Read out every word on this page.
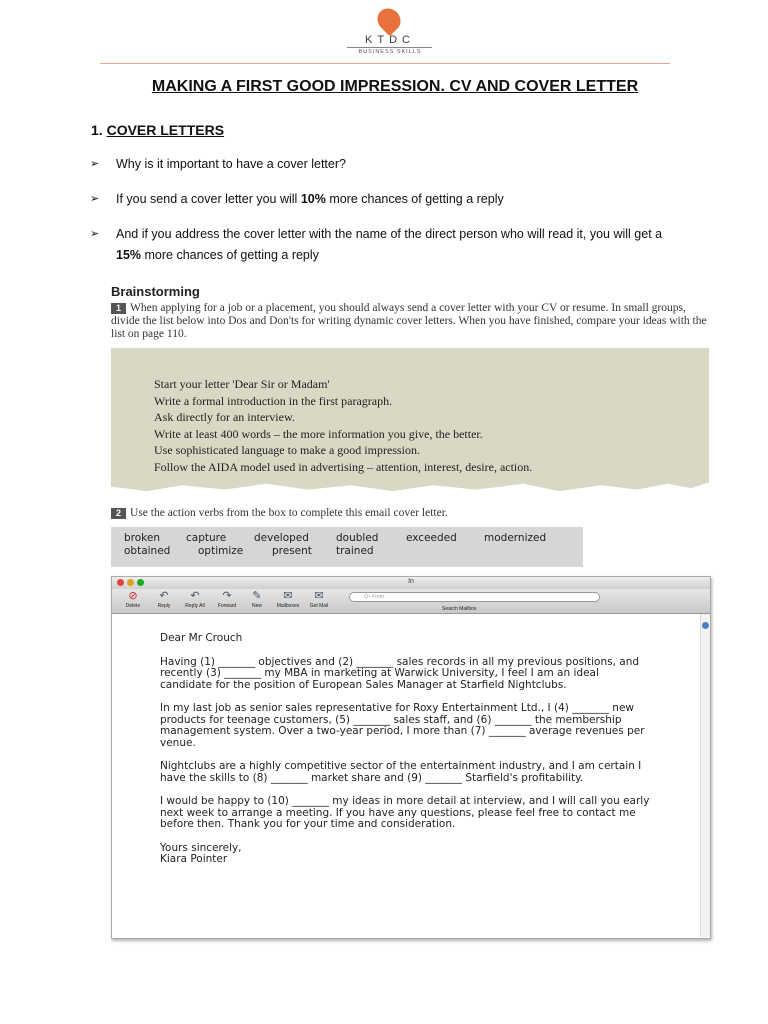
KTDC
BUSINESS SKILLS
MAKING A FIRST GOOD IMPRESSION. CV AND COVER LETTER
1. COVER LETTERS
➢ Why is it important to have a cover letter?
➢ If you send a cover letter you will 10% more chances of getting a reply
➢ And if you address the cover letter with the name of the direct person who will read it, you will get a 15% more chances of getting a reply
Brainstorming
1 When applying for a job or a placement, you should always send a cover letter with your CV or resume. In small groups, divide the list below into Dos and Don'ts for writing dynamic cover letters. When you have finished, compare your ideas with the list on page 110.
Start your letter 'Dear Sir or Madam'
Write a formal introduction in the first paragraph.
Ask directly for an interview.
Write at least 400 words – the more information you give, the better.
Use sophisticated language to make a good impression.
Follow the AIDA model used in advertising – attention, interest, desire, action.
2 Use the action verbs from the box to complete this email cover letter.
broken capture	developed	doubled	exceeded	modernized
obtained	optimize	present trained
In
⊘
Delete
↶
Reply
↶
Reply All
↷
Forward
✎
New
✉
Mailboxes
✉
Get Mail
Q~ From
Search Mailbox

Dear Mr Crouch

Having (1) _______ objectives and (2) _______ sales records in all my previous positions, and recently (3) _______ my MBA in marketing at Warwick University, I feel I am an ideal candidate for the position of European Sales Manager at Starfield Nightclubs.

In my last job as senior sales representative for Roxy Entertainment Ltd., I (4) _______ new products for teenage customers, (5) _______ sales staff, and (6) _______ the membership management system. Over a two-year period, I more than (7) _______ average revenues per venue.

Nightclubs are a highly competitive sector of the entertainment industry, and I am certain I have the skills to (8) _______ market share and (9) _______ Starfield's profitability.

I would be happy to (10) _______ my ideas in more detail at interview, and I will call you early next week to arrange a meeting. If you have any questions, please feel free to contact me before then. Thank you for your time and consideration.

Yours sincerely,
Kiara Pointer
